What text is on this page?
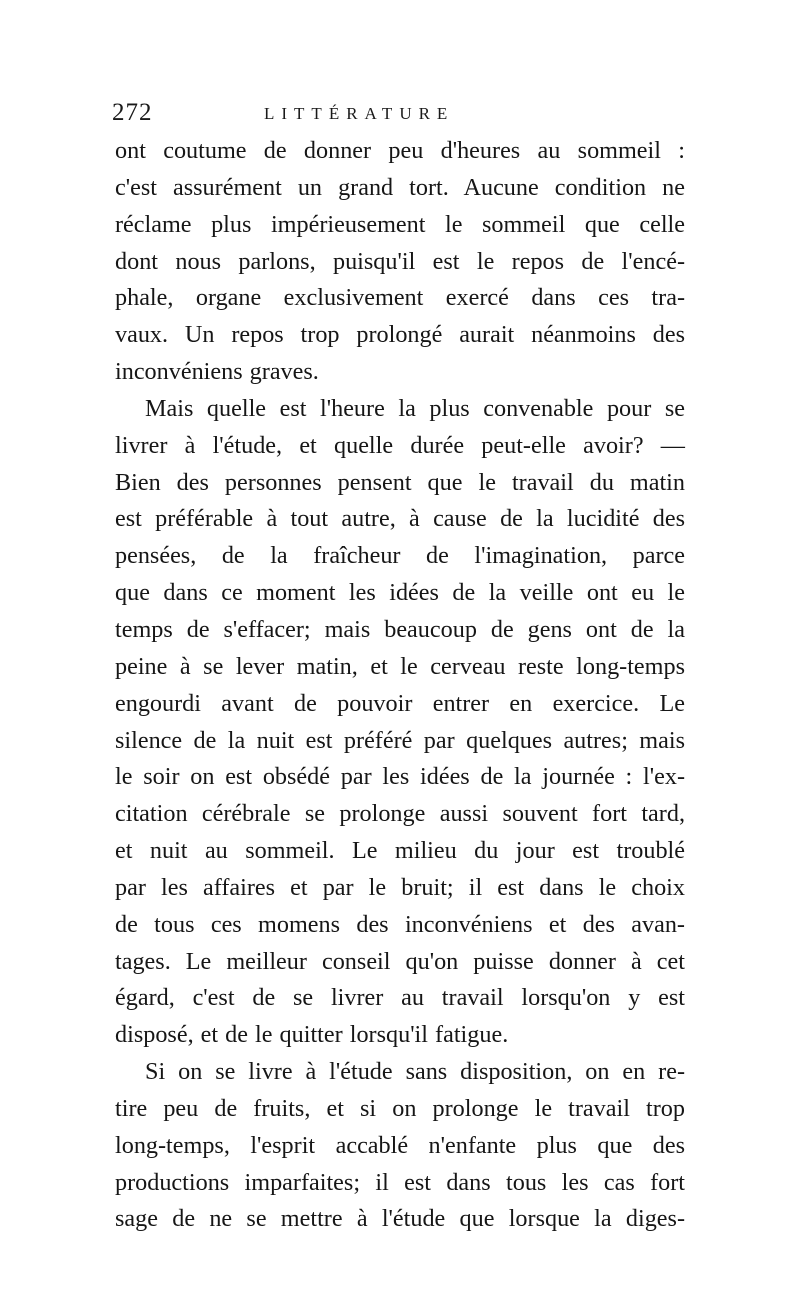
272	LITTÉRATURE
ont coutume de donner peu d'heures au sommeil :
c'est assurément un grand tort. Aucune condition ne
réclame plus impérieusement le sommeil que celle
dont nous parlons, puisqu'il est le repos de l'encé-
phale, organe exclusivement exercé dans ces tra-
vaux. Un repos trop prolongé aurait néanmoins des
inconvéniens graves.
Mais quelle est l'heure la plus convenable pour se
livrer à l'étude, et quelle durée peut-elle avoir? —
Bien des personnes pensent que le travail du matin
est préférable à tout autre, à cause de la lucidité des
pensées, de la fraîcheur de l'imagination, parce
que dans ce moment les idées de la veille ont eu le
temps de s'effacer; mais beaucoup de gens ont de la
peine à se lever matin, et le cerveau reste long-temps
engourdi avant de pouvoir entrer en exercice. Le
silence de la nuit est préféré par quelques autres; mais
le soir on est obsédé par les idées de la journée : l'ex-
citation cérébrale se prolonge aussi souvent fort tard,
et nuit au sommeil. Le milieu du jour est troublé
par les affaires et par le bruit; il est dans le choix
de tous ces momens des inconvéniens et des avan-
tages. Le meilleur conseil qu'on puisse donner à cet
égard, c'est de se livrer au travail lorsqu'on y est
disposé, et de le quitter lorsqu'il fatigue.
Si on se livre à l'étude sans disposition, on en re-
tire peu de fruits, et si on prolonge le travail trop
long-temps, l'esprit accablé n'enfante plus que des
productions imparfaites; il est dans tous les cas fort
sage de ne se mettre à l'étude que lorsque la diges-
